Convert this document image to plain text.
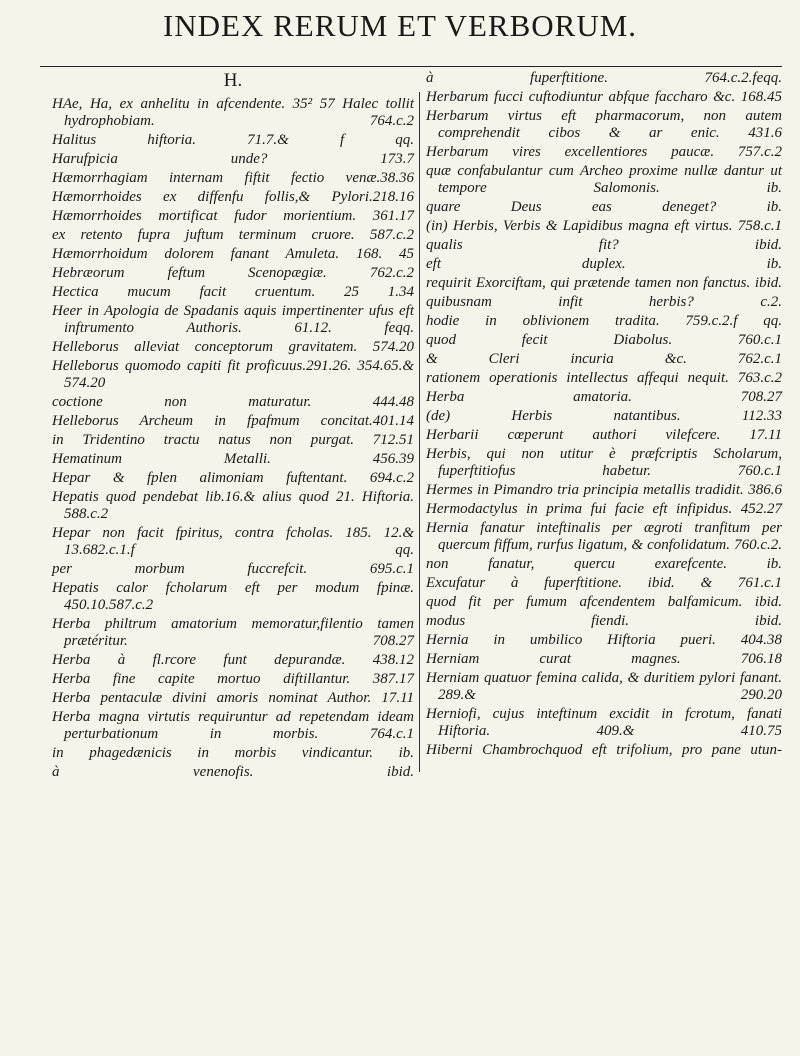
INDEX RERUM ET VERBORUM.
H.

HAe, Ha, ex anhelitu in afcendente. 35² 57 Halec tollit hydrophobiam. 764.c.2

Halitus hiftoria. 71.7.& f qq.

Harufpicia unde? 173.7

Hæmorrhagiam internam fiftit fectio venæ.38.36

Hæmorrhoides ex diffenfu follis,& Pylori.218.16

Hæmorrhoides mortificat fudor morientium. 361.17

ex retento fupra juftum terminum cruore. 587.c.2

Hæmorrhoidum dolorem fanant Amuleta. 168. 45

Hebræorum feftum Scenopægiæ. 762.c.2

Hectica mucum facit cruentum. 25 1.34

Heer in Apologia de Spadanis aquis impertinenter ufus eft inftrumento Authoris. 61.12. feqq.

Helleborus alleviat conceptorum gravitatem. 574.20

Helleborus quomodo capiti fit proficuus.291.26. 354.65.& 574.20

coctione non maturatur. 444.48

Helleborus Archeum in fpafmum concitat.401.14

in Tridentino tractu natus non purgat. 712.51

Hematinum Metalli. 456.39

Hepar & fplen alimoniam fuftentant. 694.c.2

Hepatis quod pendebat lib.16.& alius quod 21. Hiftoria. 588.c.2

Hepar non facit fpiritus, contra fcholas. 185. 12.& 13.682.c.1.f qq.

per morbum fuccrefcit. 695.c.1

Hepatis calor fcholarum eft per modum fpinæ. 450.10.587.c.2

Herba philtrum amatorium memoratur,filentio tamen prætéritur. 708.27

Herba à fl.rcore funt depurandæ. 438.12

Herba fine capite mortuo diftillantur. 387.17

Herba pentaculæ divini amoris nominat Author. 17.11

Herba magna virtutis requiruntur ad repetendam ideam perturbationum in morbis. 764.c.1

in phagedænicis in morbis vindicantur. ib.

à venenofis. ibid.

à fuperftitione. 764.c.2.feqq.

Herbarum fucci cuftodiuntur abfque faccharo &c. 168.45

Herbarum virtus eft pharmacorum, non autem comprehendit cibos & ar enic. 431.6

Herbarum vires excellentiores paucæ. 757.c.2

quæ confabulantur cum Archeo proxime nullæ dantur ut tempore Salomonis. ib.

quare Deus eas deneget? ib.

(in) Herbis, Verbis & Lapidibus magna eft virtus. 758.c.1

qualis fit? ibid.

eft duplex. ib.

requirit Exorciftam, qui prætende tamen non fanctus. ibid.

quibusnam infit herbis? c.2.

hodie in oblivionem tradita. 759.c.2.f qq.

quod fecit Diabolus. 760.c.1

& Cleri incuria &c. 762.c.1

rationem operationis intellectus affequi nequit. 763.c.2

Herba amatoria. 708.27

(de) Herbis natantibus. 112.33

Herbarii cœperunt authori vilefcere. 17.11

Herbis, qui non utitur è præfcriptis Scholarum, fuperftitiofus habetur. 760.c.1

Hermes in Pimandro tria principia metallis tradidit. 386.6

Hermodactylus in prima fui facie eft infipidus. 452.27

Hernia fanatur inteftinalis per ægroti tranfitum per quercum fiffum, rurfus ligatum, & confolidatum. 760.c.2.

non fanatur, quercu exarefcente. ib.

Excufatur à fuperftitione. ibid. & 761.c.1

quod fit per fumum afcendentem balfamicum. ibid.

modus fiendi. ibid.

Hernia in umbilico Hiftoria pueri. 404.38

Herniam curat magnes. 706.18

Herniam quatuor femina calida, & duritiem pylori fanant. 289.& 290.20

Herniofi, cujus inteftinum excidit in fcrotum, fanati Hiftoria. 409.& 410.75

Hiberni Chambrochquod eft trifolium, pro pane utun-
